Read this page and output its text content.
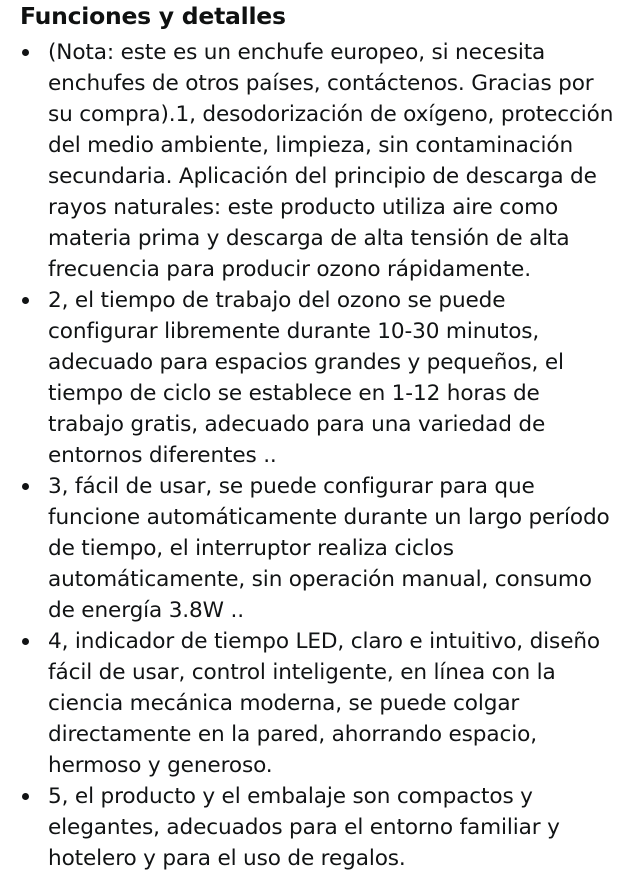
Funciones y detalles
(Nota: este es un enchufe europeo, si necesita enchufes de otros países, contáctenos. Gracias por su compra).1, desodorización de oxígeno, protección del medio ambiente, limpieza, sin contaminación secundaria. Aplicación del principio de descarga de rayos naturales: este producto utiliza aire como materia prima y descarga de alta tensión de alta frecuencia para producir ozono rápidamente.
2, el tiempo de trabajo del ozono se puede configurar libremente durante 10-30 minutos, adecuado para espacios grandes y pequeños, el tiempo de ciclo se establece en 1-12 horas de trabajo gratis, adecuado para una variedad de entornos diferentes ..
3, fácil de usar, se puede configurar para que funcione automáticamente durante un largo período de tiempo, el interruptor realiza ciclos automáticamente, sin operación manual, consumo de energía 3.8W ..
4, indicador de tiempo LED, claro e intuitivo, diseño fácil de usar, control inteligente, en línea con la ciencia mecánica moderna, se puede colgar directamente en la pared, ahorrando espacio, hermoso y generoso.
5, el producto y el embalaje son compactos y elegantes, adecuados para el entorno familiar y hotelero y para el uso de regalos.
